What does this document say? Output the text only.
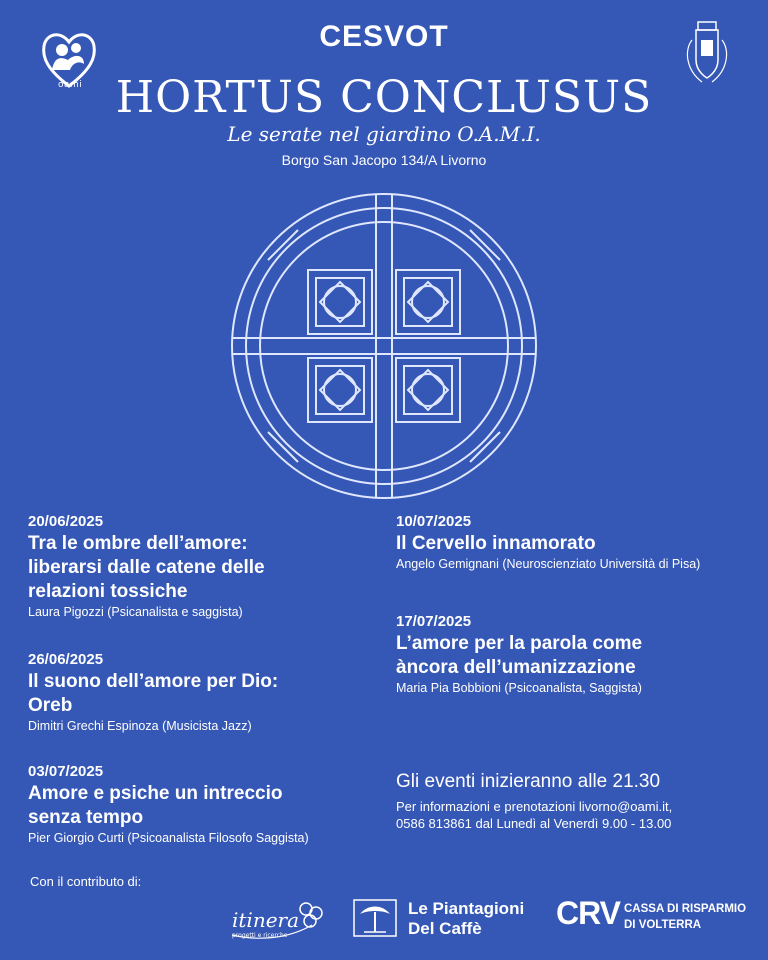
oami
CESVOT
HORTUS CONCLUSUS
Le serate nel giardino O.A.M.I.
Borgo San Jacopo 134/A Livorno
20/06/2025
Tra le ombre dell’amore:
liberarsi dalle catene delle
relazioni tossiche
Laura Pigozzi (Psicanalista e saggista)
26/06/2025
Il suono dell’amore per Dio:
Oreb
Dimitri Grechi Espinoza (Musicista Jazz)
03/07/2025
Amore e psiche un intreccio
senza tempo
Pier Giorgio Curti (Psicoanalista Filosofo Saggista)
10/07/2025
Il Cervello innamorato
Angelo Gemignani (Neuroscienziato Università di Pisa)
17/07/2025
L’amore per la parola come
àncora dell’umanizzazione
Maria Pia Bobbioni (Psicoanalista, Saggista)
Gli eventi inizieranno alle 21.30
Per informazioni e prenotazioni livorno@oami.it,
0586 813861 dal Lunedì al Venerdì 9.00 - 13.00
Con il contributo di:
itinera
progetti e ricerche
Le Piantagioni
Del Caffè CRV CASSA DI RISPARMIO
DI VOLTERRA
